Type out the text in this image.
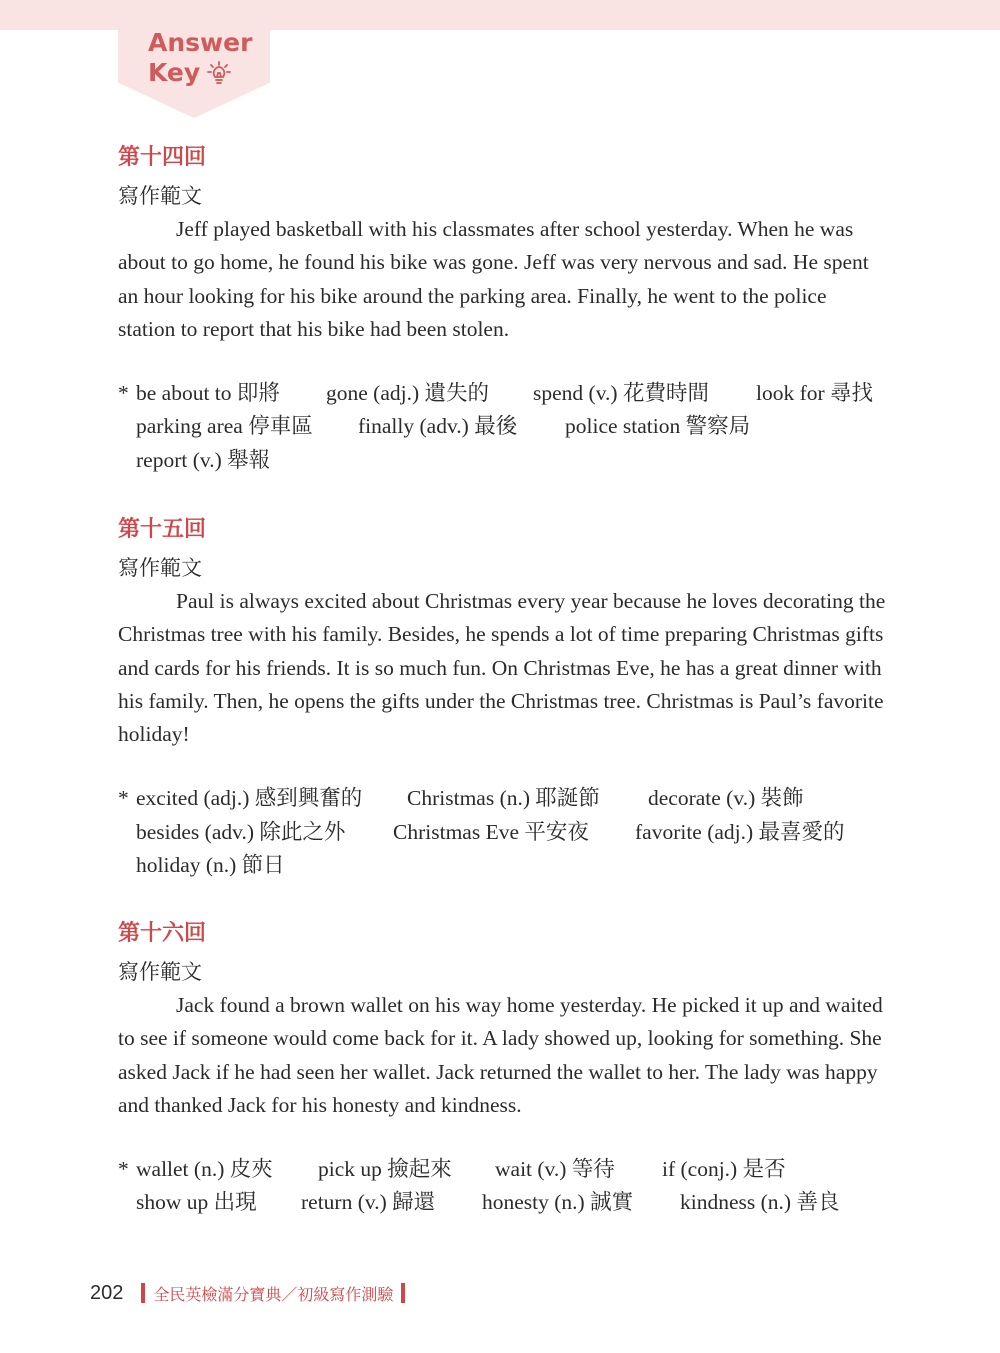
Answer
Key
第十四回
寫作範文

Jeff played basketball with his classmates after school yesterday. When he was about to go home, he found his bike was gone. Jeff was very nervous and sad. He spent an hour looking for his bike around the parking area. Finally, he went to the police station to report that his bike had been stolen.

* be about to 即將 gone (adj.) 遺失的 spend (v.) 花費時間 look for 尋找
parking area 停車區 finally (adv.) 最後 police station 警察局
report (v.) 舉報
第十五回
寫作範文

Paul is always excited about Christmas every year because he loves decorating the Christmas tree with his family. Besides, he spends a lot of time preparing Christmas gifts and cards for his friends. It is so much fun. On Christmas Eve, he has a great dinner with his family. Then, he opens the gifts under the Christmas tree. Christmas is Paul’s favorite holiday!

* excited (adj.) 感到興奮的 Christmas (n.) 耶誕節 decorate (v.) 裝飾
besides (adv.) 除此之外 Christmas Eve 平安夜 favorite (adj.) 最喜愛的
holiday (n.) 節日
第十六回
寫作範文

Jack found a brown wallet on his way home yesterday. He picked it up and waited to see if someone would come back for it. A lady showed up, looking for something. She asked Jack if he had seen her wallet. Jack returned the wallet to her. The lady was happy and thanked Jack for his honesty and kindness.

* wallet (n.) 皮夾 pick up 撿起來 wait (v.) 等待 if (conj.) 是否
show up 出現 return (v.) 歸還 honesty (n.) 誠實 kindness (n.) 善良
202 全民英檢滿分寶典／初級寫作測驗
